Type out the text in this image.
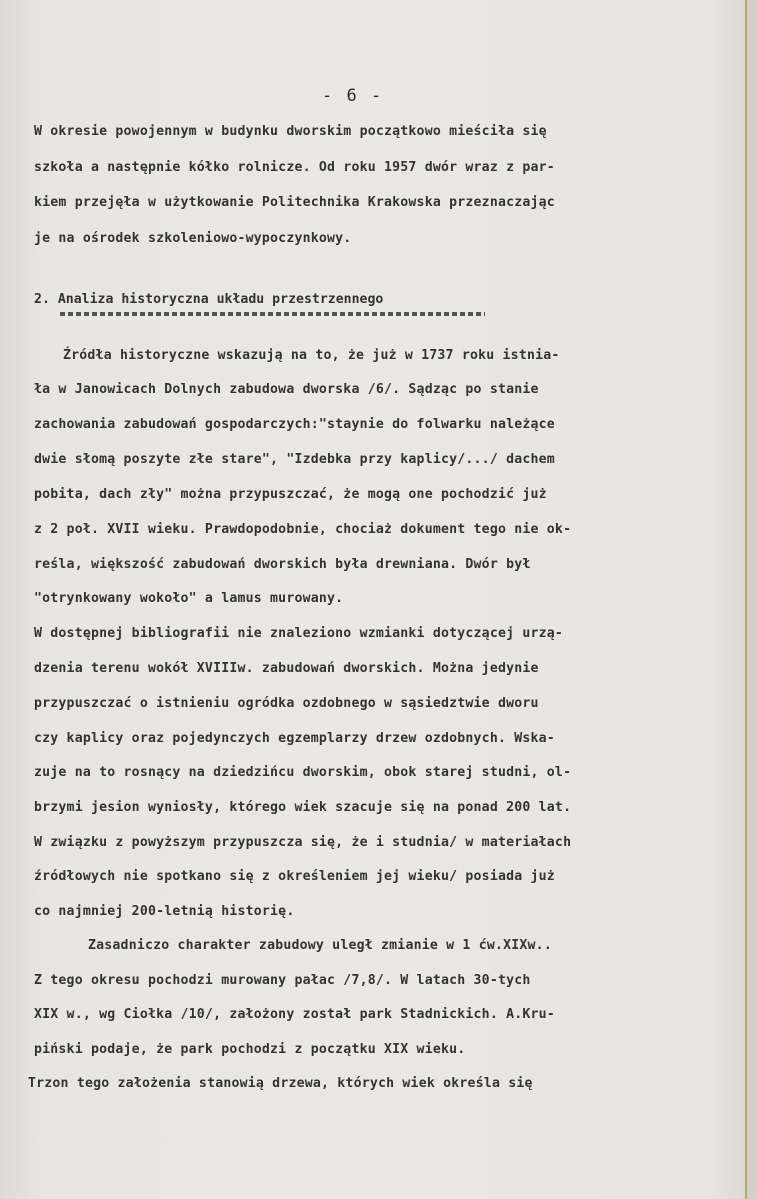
- 6 -
W okresie powojennym w budynku dworskim początkowo mieściła się
szkoła a następnie kółko rolnicze. Od roku 1957 dwór wraz z par-
kiem przejęła w użytkowanie Politechnika Krakowska przeznaczając
je na ośrodek szkoleniowo-wypoczynkowy.
2. Analiza historyczna układu przestrzennego
Źródła historyczne wskazują na to, że już w 1737 roku istnia-
ła w Janowicach Dolnych zabudowa dworska /6/. Sądząc po stanie
zachowania zabudowań gospodarczych:"staynie do folwarku należące
dwie słomą poszyte złe stare", "Izdebka przy kaplicy/.../ dachem
pobita, dach zły" można przypuszczać, że mogą one pochodzić już
z 2 poł. XVII wieku. Prawdopodobnie, chociaż dokument tego nie ok-
reśla, większość zabudowań dworskich była drewniana. Dwór był
"otrynkowany wokoło" a lamus murowany.
W dostępnej bibliografii nie znaleziono wzmianki dotyczącej urzą-
dzenia terenu wokół XVIIIw. zabudowań dworskich. Można jedynie
przypuszczać o istnieniu ogródka ozdobnego w sąsiedztwie dworu
czy kaplicy oraz pojedynczych egzemplarzy drzew ozdobnych. Wska-
zuje na to rosnący na dziedzińcu dworskim, obok starej studni, ol-
brzymi jesion wyniosły, którego wiek szacuje się na ponad 200 lat.
W związku z powyższym przypuszcza się, że i studnia/ w materiałach
źródłowych nie spotkano się z określeniem jej wieku/ posiada już
co najmniej 200-letnią historię.
Zasadniczo charakter zabudowy uległ zmianie w 1 ćw.XIXw..
Z tego okresu pochodzi murowany pałac /7,8/. W latach 30-tych
XIX w., wg Ciołka /10/, założony został park Stadnickich. A.Kru-
piński podaje, że park pochodzi z początku XIX wieku.
Trzon tego założenia stanowią drzewa, których wiek określa się
